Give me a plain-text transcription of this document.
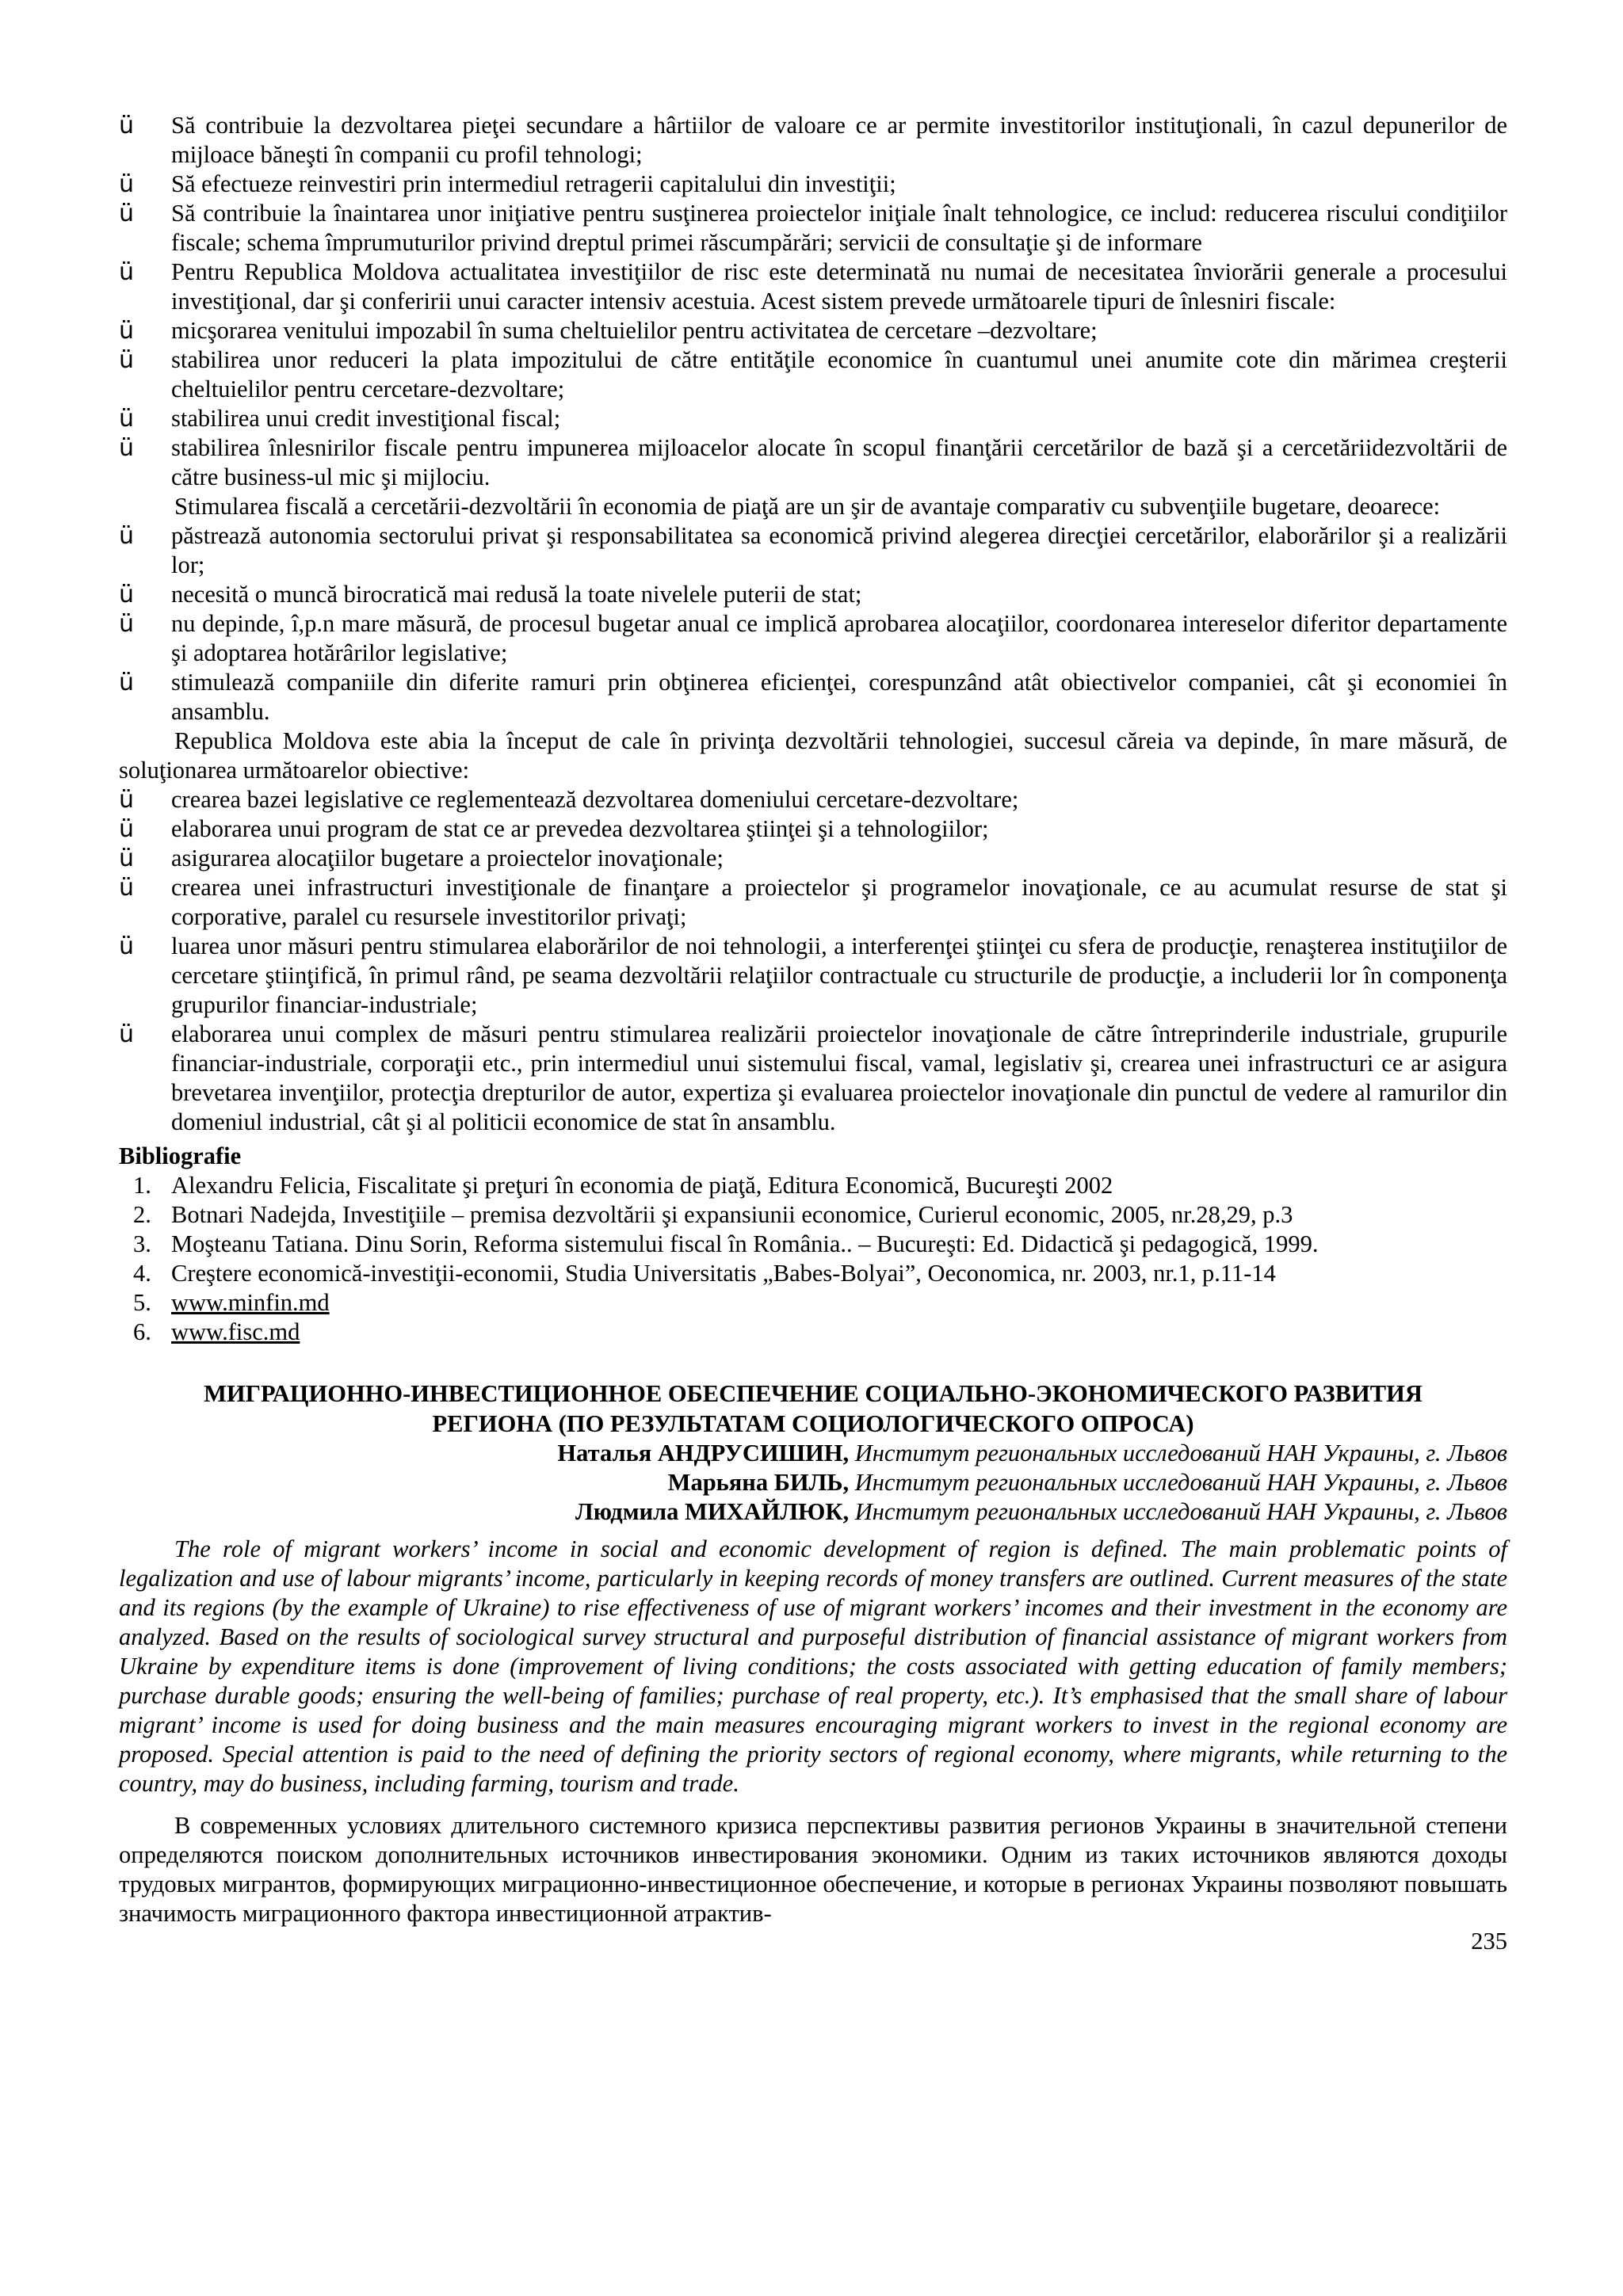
ü Să contribuie la dezvoltarea pieţei secundare a hârtiilor de valoare ce ar permite investitorilor instituţionali, în cazul depunerilor de mijloace băneşti în companii cu profil tehnologi;
ü Să efectueze reinvestiri prin intermediul retragerii capitalului din investiţii;
ü Să contribuie la înaintarea unor iniţiative pentru susţinerea proiectelor iniţiale înalt tehnologice, ce includ: reducerea riscului condiţiilor fiscale; schema împrumuturilor privind dreptul primei răscumpărări; servicii de consultaţie şi de informare
ü Pentru Republica Moldova actualitatea investiţiilor de risc este determinată nu numai de necesitatea înviorării generale a procesului investiţional, dar şi conferirii unui caracter intensiv acestuia. Acest sistem prevede următoarele tipuri de înlesniri fiscale:
ü micşorarea venitului impozabil în suma cheltuielilor pentru activitatea de cercetare –dezvoltare;
ü stabilirea unor reduceri la plata impozitului de către entităţile economice în cuantumul unei anumite cote din mărimea creşterii cheltuielilor pentru cercetare-dezvoltare;
ü stabilirea unui credit investiţional fiscal;
ü stabilirea înlesnirilor fiscale pentru impunerea mijloacelor alocate în scopul finanţării cercetărilor de bază şi a cercetăriidezvoltării de către business-ul mic şi mijlociu.
Stimularea fiscală a cercetării-dezvoltării în economia de piaţă are un şir de avantaje comparativ cu subvenţiile bugetare, deoarece:
ü păstrează autonomia sectorului privat şi responsabilitatea sa economică privind alegerea direcţiei cercetărilor, elaborărilor şi a realizării lor;
ü necesită o muncă birocratică mai redusă la toate nivelele puterii de stat;
ü nu depinde, î,p.n mare măsură, de procesul bugetar anual ce implică aprobarea alocaţiilor, coordonarea intereselor diferitor departamente şi adoptarea hotărârilor legislative;
ü stimulează companiile din diferite ramuri prin obţinerea eficienţei, corespunzând atât obiectivelor companiei, cât şi economiei în ansamblu.
Republica Moldova este abia la început de cale în privinţa dezvoltării tehnologiei, succesul căreia va depinde, în mare măsură, de soluţionarea următoarelor obiective:
ü crearea bazei legislative ce reglementează dezvoltarea domeniului cercetare-dezvoltare;
ü elaborarea unui program de stat ce ar prevedea dezvoltarea ştiinţei şi a tehnologiilor;
ü asigurarea alocaţiilor bugetare a proiectelor inovaţionale;
ü crearea unei infrastructuri investiţionale de finanţare a proiectelor şi programelor inovaţionale, ce au acumulat resurse de stat şi corporative, paralel cu resursele investitorilor privaţi;
ü luarea unor măsuri pentru stimularea elaborărilor de noi tehnologii, a interferenţei ştiinţei cu sfera de producţie, renaşterea instituţiilor de cercetare ştiinţifică, în primul rând, pe seama dezvoltării relaţiilor contractuale cu structurile de producţie, a includerii lor în componenţa grupurilor financiar-industriale;
ü elaborarea unui complex de măsuri pentru stimularea realizării proiectelor inovaţionale de către întreprinderile industriale, grupurile financiar-industriale, corporaţii etc., prin intermediul unui sistemului fiscal, vamal, legislativ şi, crearea unei infrastructuri ce ar asigura brevetarea invenţiilor, protecţia drepturilor de autor, expertiza şi evaluarea proiectelor inovaţionale din punctul de vedere al ramurilor din domeniul industrial, cât şi al politicii economice de stat în ansamblu.
Bibliografie
1. Alexandru Felicia, Fiscalitate şi preţuri în economia de piaţă, Editura Economică, Bucureşti 2002
2. Botnari Nadejda, Investiţiile – premisa dezvoltării şi expansiunii economice, Curierul economic, 2005, nr.28,29, p.3
3. Moşteanu Tatiana. Dinu Sorin, Reforma sistemului fiscal în România.. – Bucureşti: Ed. Didactică şi pedagogică, 1999.
4. Creştere economică-investiţii-economii, Studia Universitatis „Babes-Bolyai”, Oeconomica, nr. 2003, nr.1, p.11-14
5. www.minfin.md
6. www.fisc.md
МИГРАЦИОННО-ИНВЕСТИЦИОННОЕ ОБЕСПЕЧЕНИЕ СОЦИАЛЬНО-ЭКОНОМИЧЕСКОГО РАЗВИТИЯ
РЕГИОНА (ПО РЕЗУЛЬТАТАМ СОЦИОЛОГИЧЕСКОГО ОПРОСА)
Наталья АНДРУСИШИН, Институт региональных исследований НАН Украины, г. Львов
Марьяна БИЛЬ, Институт региональных исследований НАН Украины, г. Львов
Людмила МИХАЙЛЮК, Институт региональных исследований НАН Украины, г. Львов
The role of migrant workers’ income in social and economic development of region is defined. The main problematic points of legalization and use of labour migrants’ income, particularly in keeping records of money transfers are outlined. Current measures of the state and its regions (by the example of Ukraine) to rise effectiveness of use of migrant workers’ incomes and their investment in the economy are analyzed. Based on the results of sociological survey structural and purposeful distribution of financial assistance of migrant workers from Ukraine by expenditure items is done (improvement of living conditions; the costs associated with getting education of family members; purchase durable goods; ensuring the well-being of families; purchase of real property, etc.). It’s emphasised that the small share of labour migrant’ income is used for doing business and the main measures encouraging migrant workers to invest in the regional economy are proposed. Special attention is paid to the need of defining the priority sectors of regional economy, where migrants, while returning to the country, may do business, including farming, tourism and trade.
В современных условиях длительного системного кризиса перспективы развития регионов Украины в значительной степени определяются поиском дополнительных источников инвестирования экономики. Одним из таких источников являются доходы трудовых мигрантов, формирующих миграционно-инвестиционное обеспечение, и которые в регионах Украины позволяют повышать значимость миграционного фактора инвестиционной атрактив-
235
